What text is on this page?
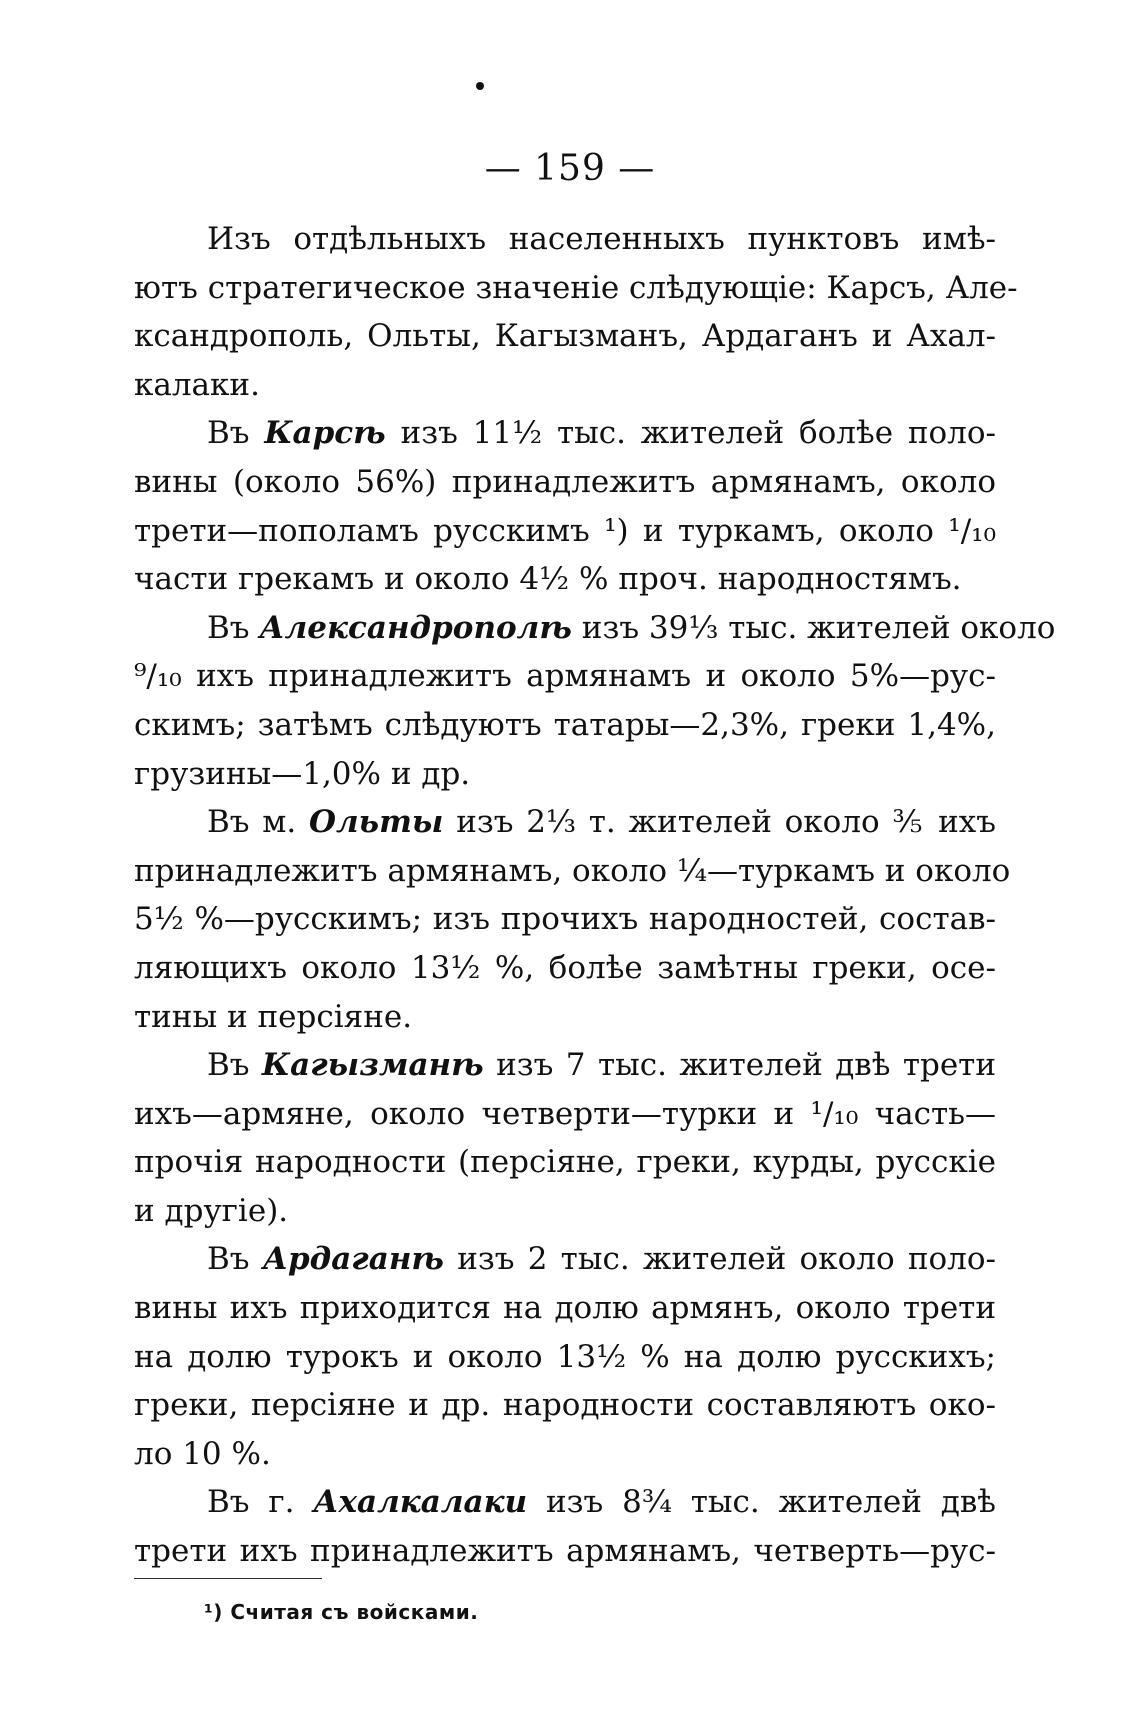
— 159 —

Изъ отдѣльныхъ населенныхъ пунктовъ имѣ-
ютъ стратегическое значеніе слѣдующіе: Карсъ, Але-
ксандрополь, Ольты, Кагызманъ, Ардаганъ и Ахал-
калаки.

Въ Карсѣ изъ 11½ тыс. жителей болѣе поло-
вины (около 56%) принадлежитъ армянамъ, около
трети—пополамъ русскимъ ¹) и туркамъ, около ¹/₁₀
части грекамъ и около 4½ % проч. народностямъ.

Въ Александрополѣ изъ 39⅓ тыс. жителей около
⁹/₁₀ ихъ принадлежитъ армянамъ и около 5%—рус-
скимъ; затѣмъ слѣдуютъ татары—2,3%, греки 1,4%,
грузины—1,0% и др.

Въ м. Ольты изъ 2⅓ т. жителей около ⅗ ихъ
принадлежитъ армянамъ, около ¼—туркамъ и около
5½ %—русскимъ; изъ прочихъ народностей, состав-
ляющихъ около 13½ %, болѣе замѣтны греки, осе-
тины и персіяне.

Въ Кагызманѣ изъ 7 тыс. жителей двѣ трети
ихъ—армяне, около четверти—турки и ¹/₁₀ часть—
прочія народности (персіяне, греки, курды, русскіе
и другіе).

Въ Ардаганѣ изъ 2 тыс. жителей около поло-
вины ихъ приходится на долю армянъ, около трети
на долю турокъ и около 13½ % на долю русскихъ;
греки, персіяне и др. народности составляютъ око-
ло 10 %.

Въ г. Ахалкалаки изъ 8¾ тыс. жителей двѣ
трети ихъ принадлежитъ армянамъ, четверть—рус-

¹) Считая съ войсками.
